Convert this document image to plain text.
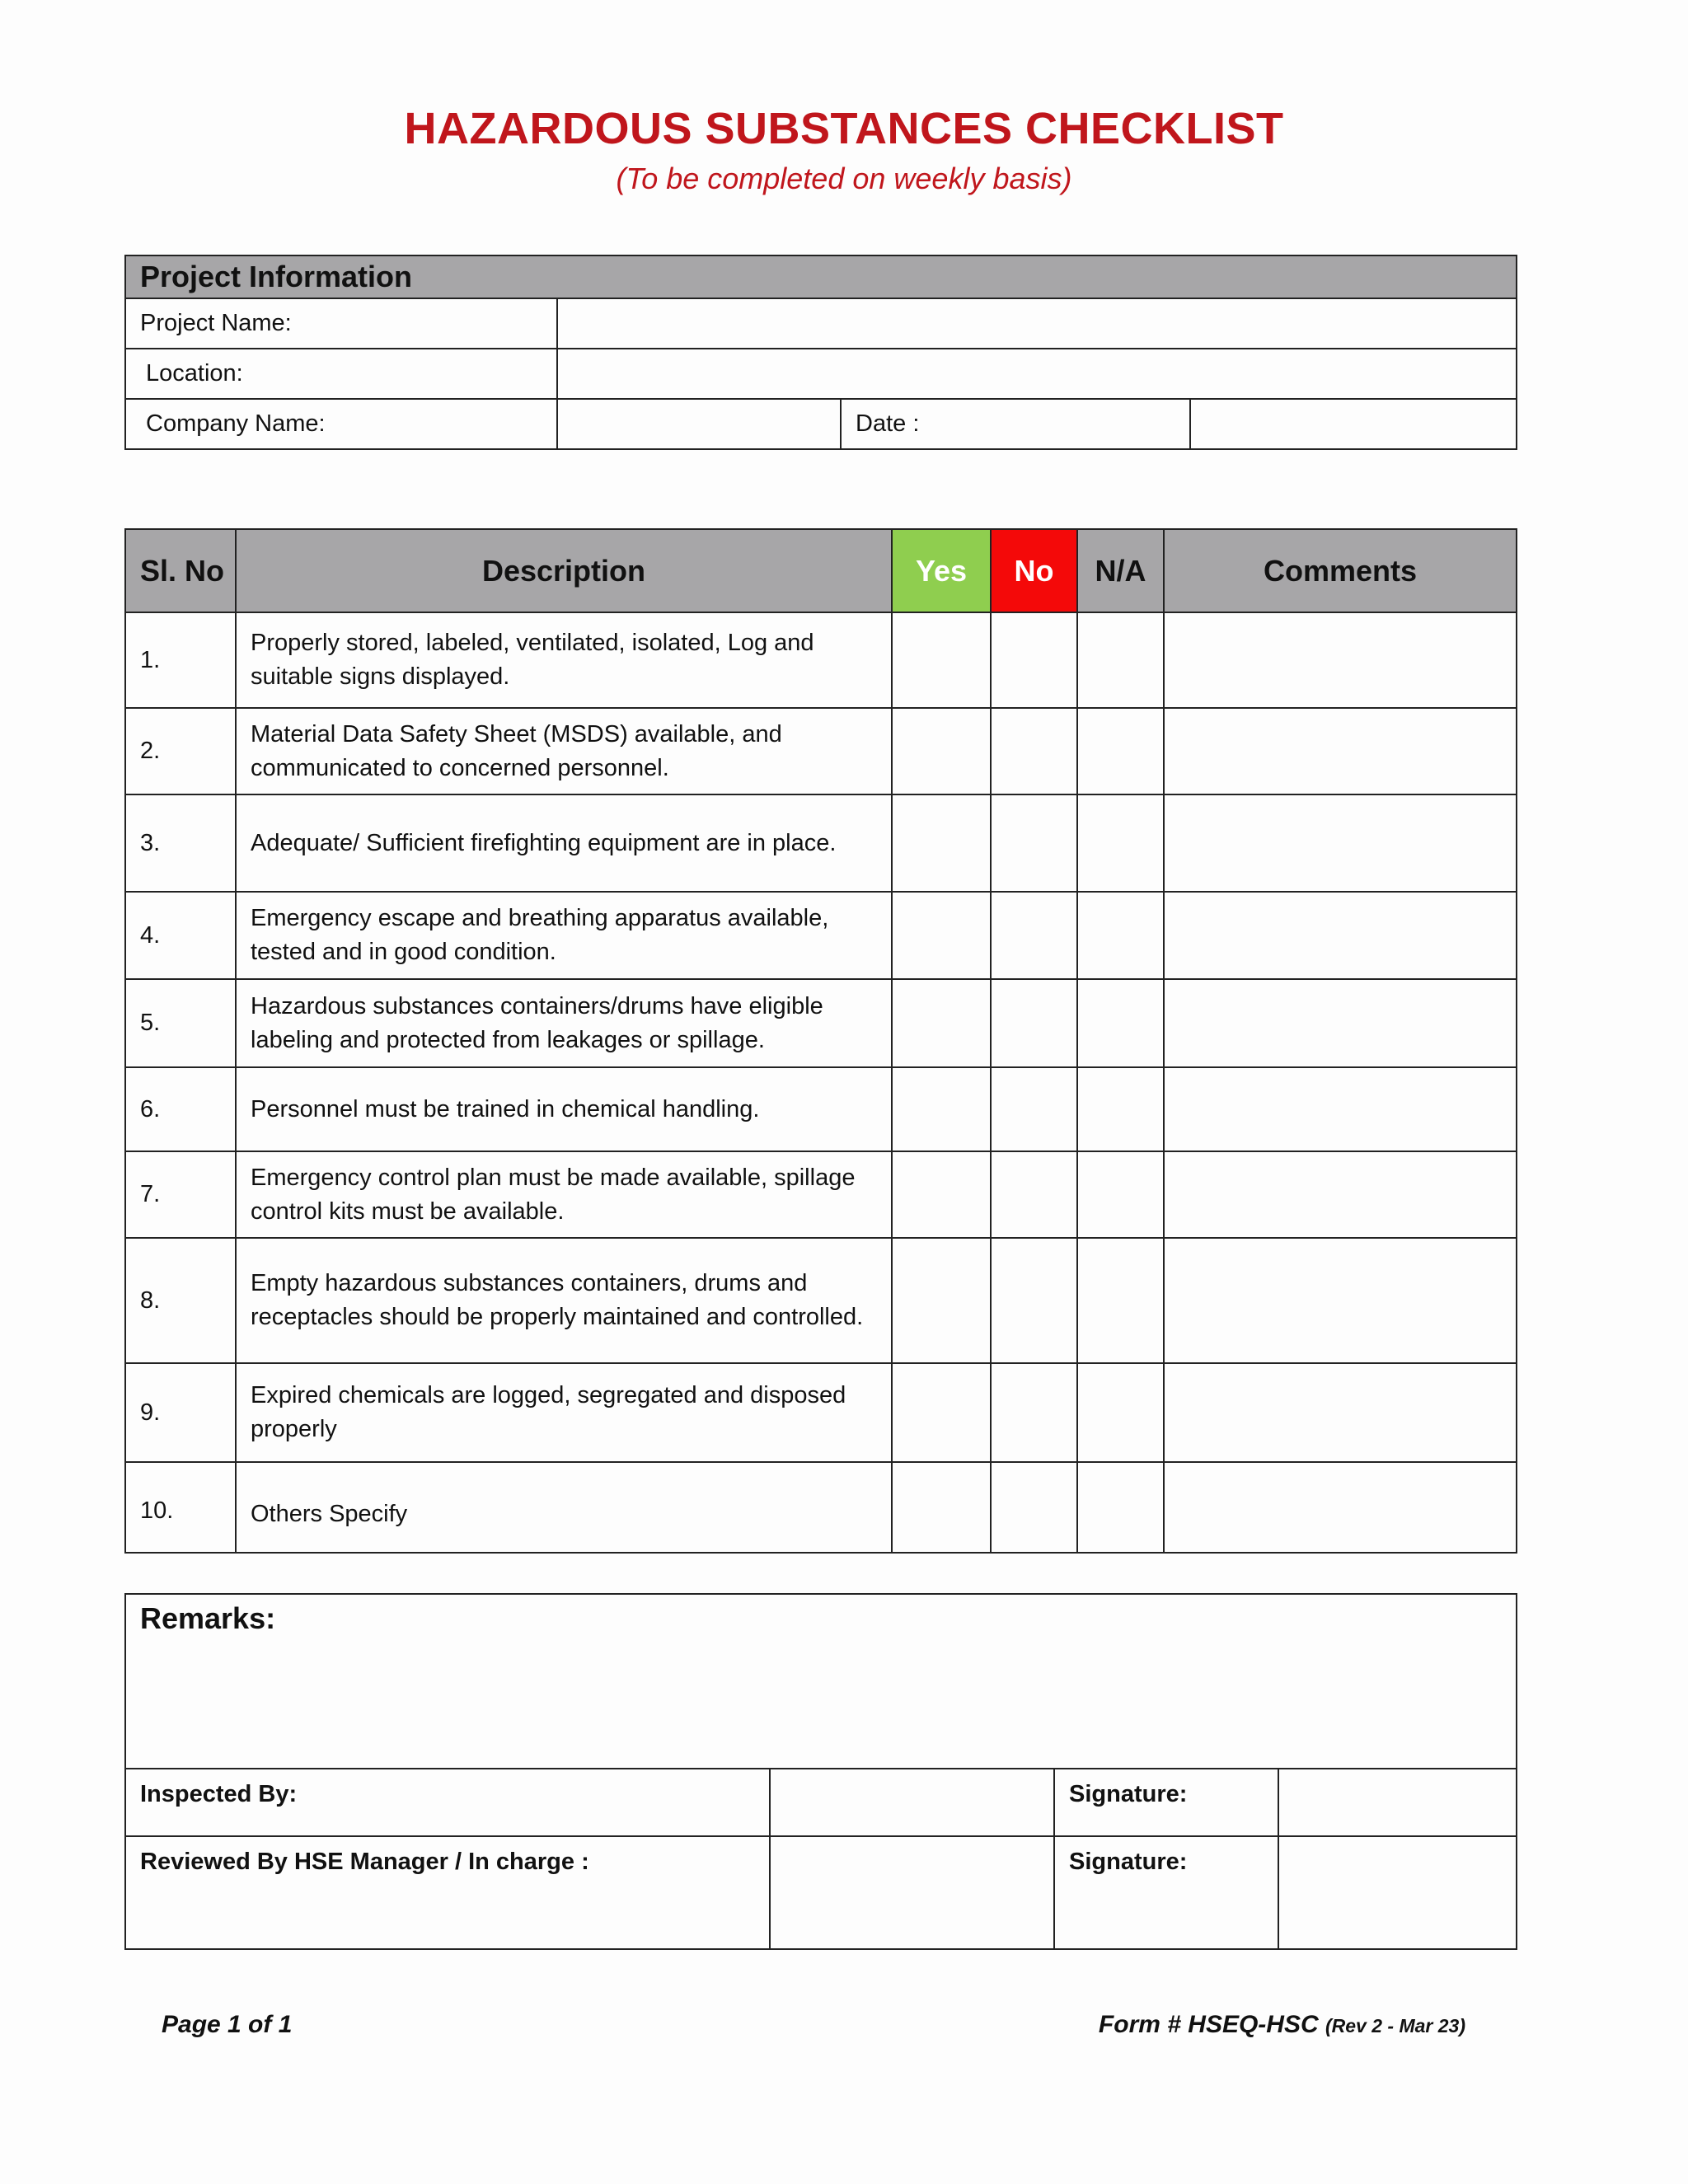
HAZARDOUS SUBSTANCES CHECKLIST
(To be completed on weekly basis)
Project Information			
Project Name:			
Location:			
Company Name:		Date :	
Sl. No	Description	Yes	No	N/A	Comments
1.	Properly stored, labeled, ventilated, isolated, Log and suitable signs displayed.				
2.	Material Data Safety Sheet (MSDS) available, and communicated to concerned personnel.				
3.	Adequate/ Sufficient firefighting equipment are in place.				
4.	Emergency escape and breathing apparatus available, tested and in good condition.				
5.	Hazardous substances containers/drums have eligible labeling and protected from leakages or spillage.				
6.	Personnel must be trained in chemical handling.				
7.	Emergency control plan must be made available, spillage control kits must be available.				
8.	Empty hazardous substances containers, drums and receptacles should be properly maintained and controlled.				
9.	Expired chemicals are logged, segregated and disposed properly				
10.	Others Specify				
Remarks:			
Inspected By:		Signature:	
Reviewed By HSE Manager / In charge :		Signature:	
Page 1 of 1	Form # HSEQ-HSC (Rev 2 - Mar 23)
